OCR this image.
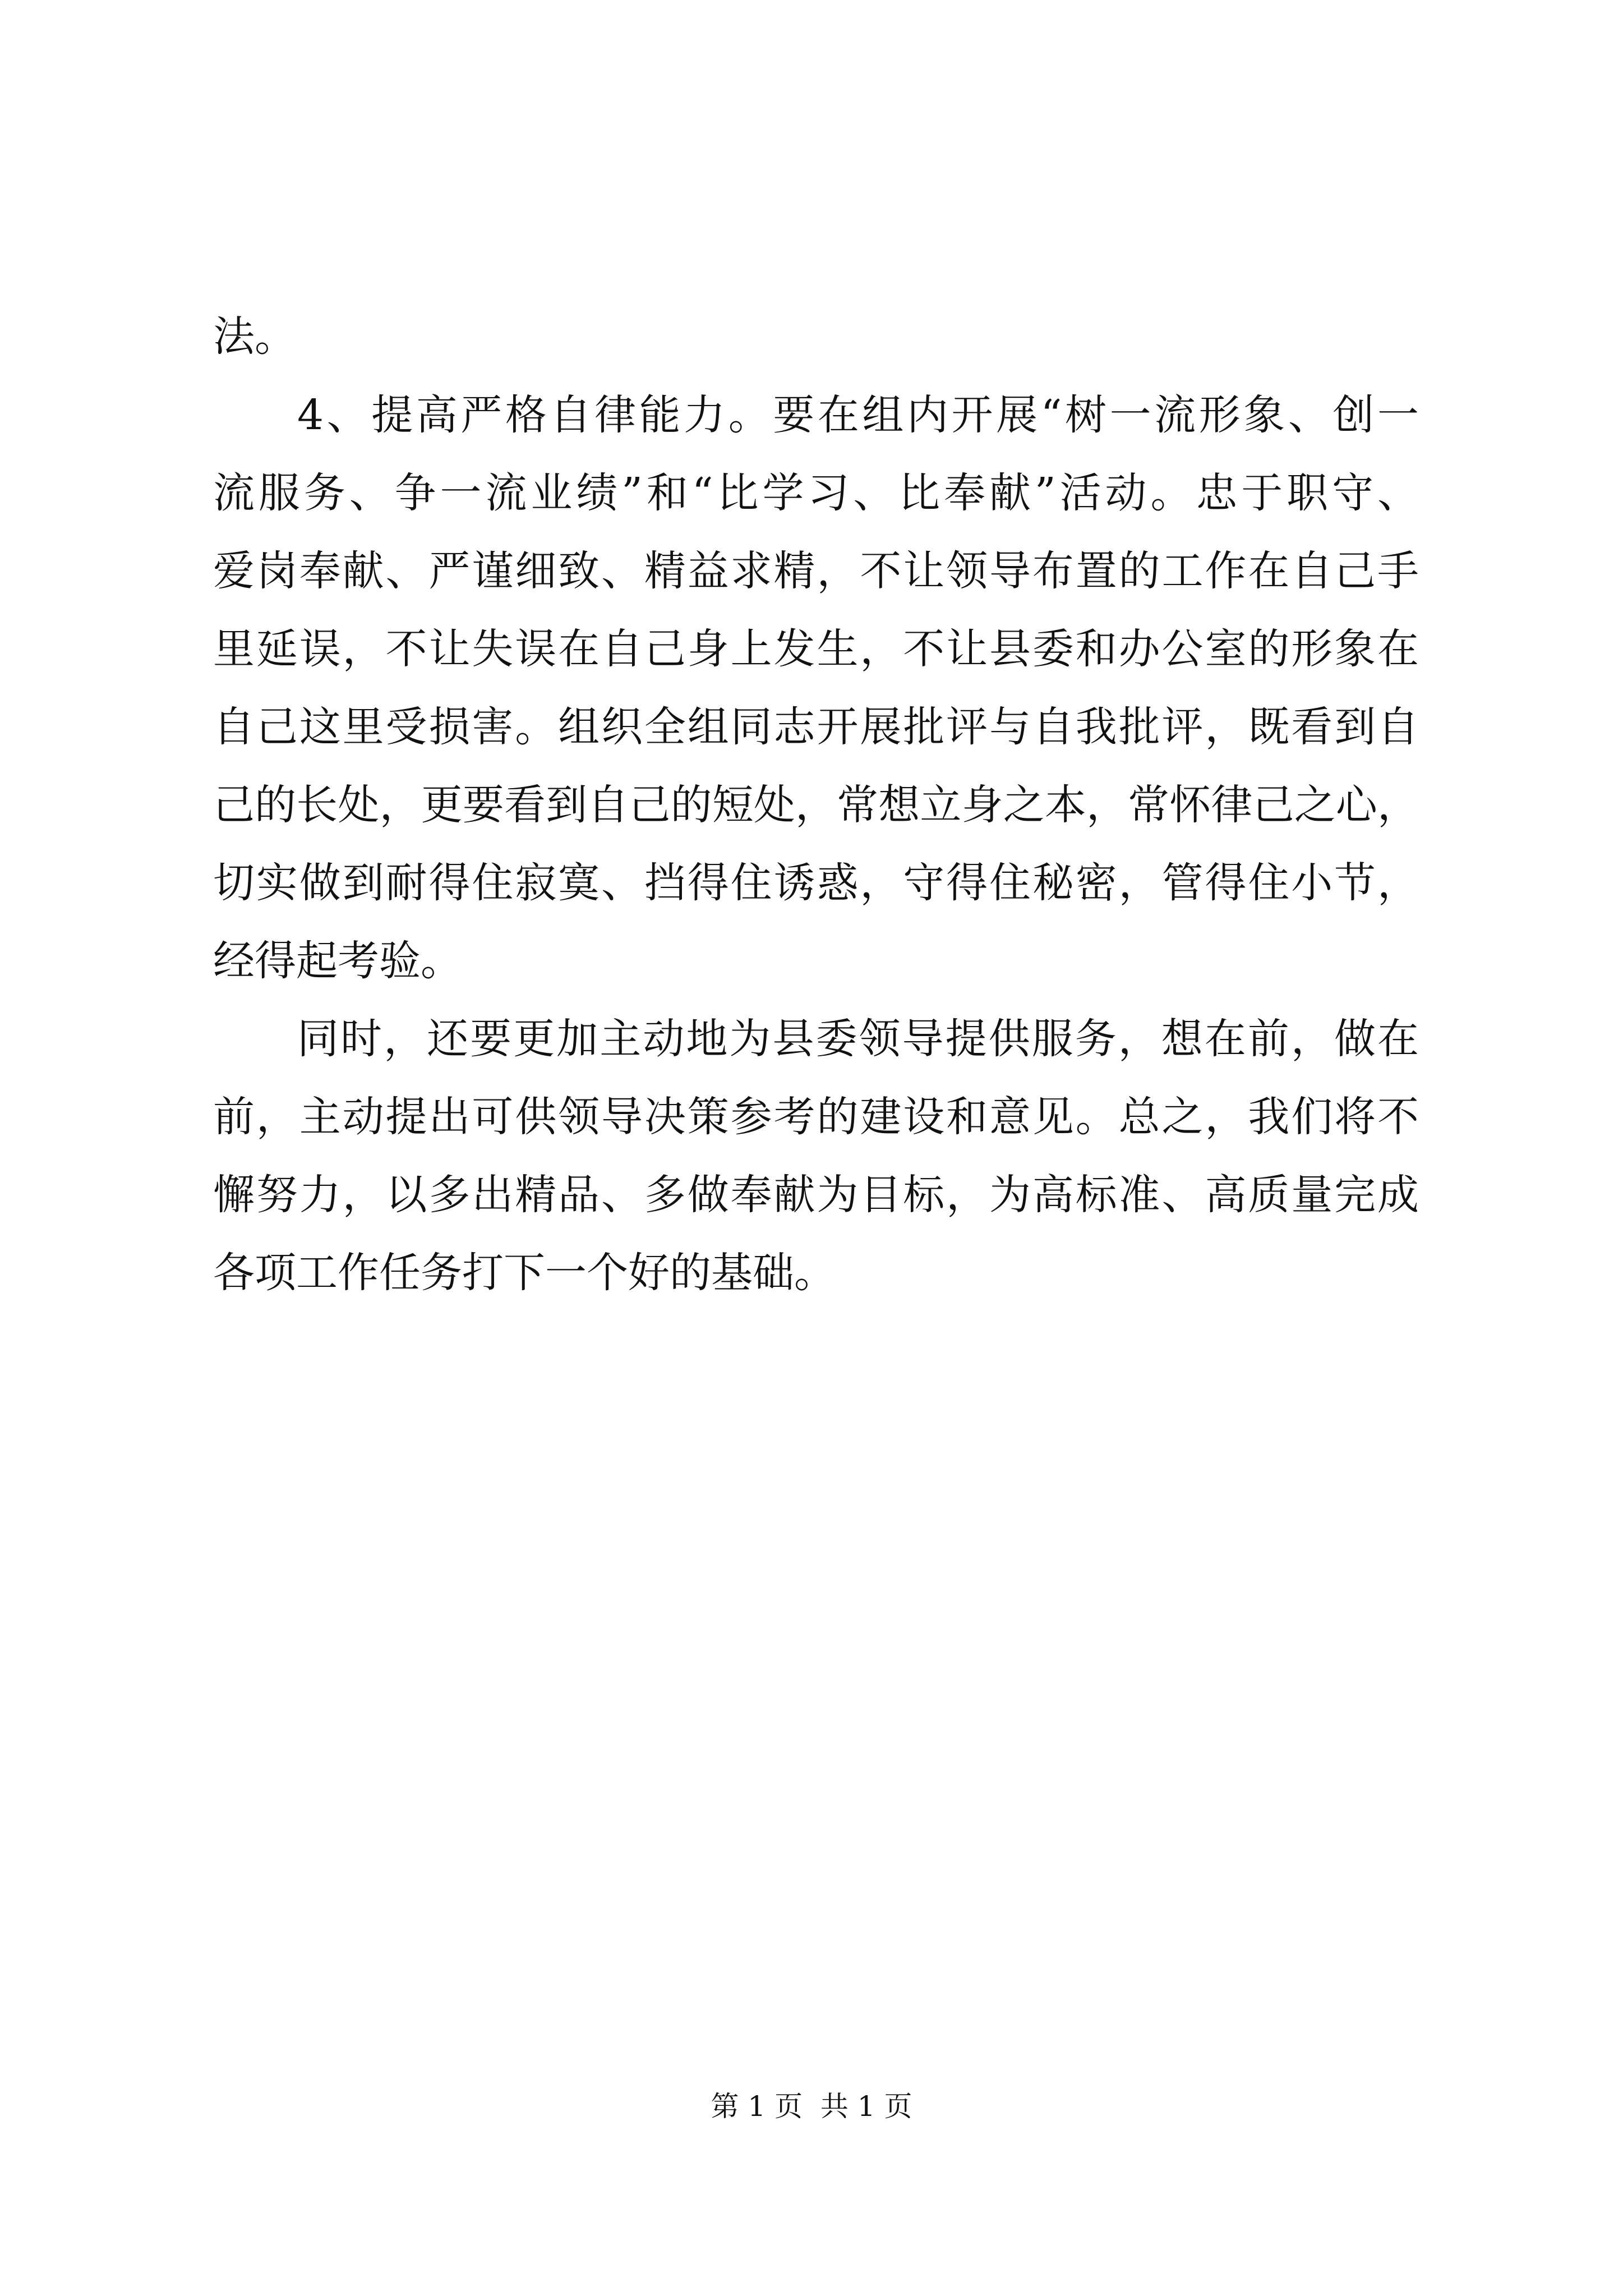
法。
4、提高严格自律能力。要在组内开展“树一流形象、创一
流服务、争一流业绩”和“比学习、比奉献”活动。忠于职守、
爱岗奉献、严谨细致、精益求精，不让领导布置的工作在自己手
里延误，不让失误在自己身上发生，不让县委和办公室的形象在
自己这里受损害。组织全组同志开展批评与自我批评，既看到自
己的长处，更要看到自己的短处，常想立身之本，常怀律己之心，
切实做到耐得住寂寞、挡得住诱惑，守得住秘密，管得住小节，
经得起考验。
同时，还要更加主动地为县委领导提供服务，想在前，做在
前，主动提出可供领导决策参考的建设和意见。总之，我们将不
懈努力，以多出精品、多做奉献为目标，为高标准、高质量完成
各项工作任务打下一个好的基础。
第 1 页  共 1 页
